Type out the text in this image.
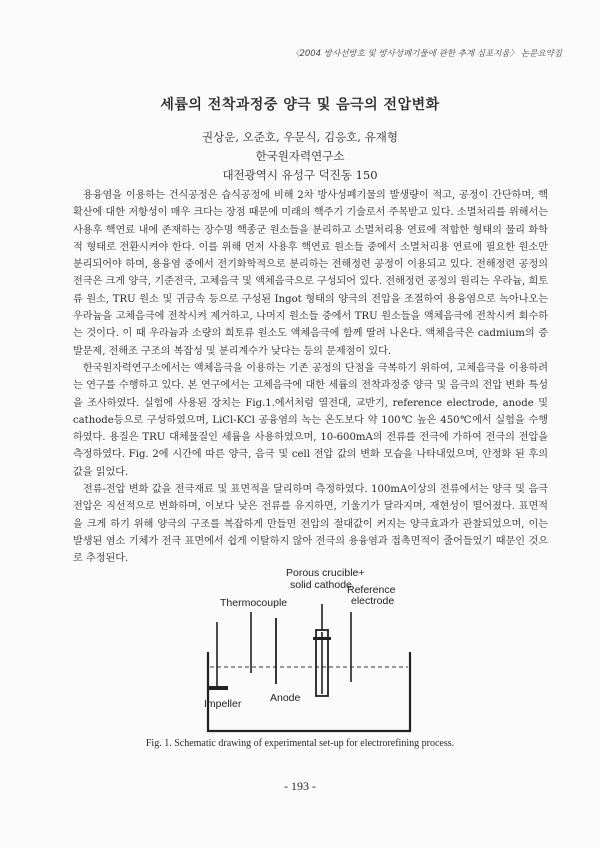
〈2004 방사선방호 및 방사성폐기물에 관한 추계 심포지움〉 논문요약집
세륨의 전착과정중 양극 및 음극의 전압변화
권상운, 오준호, 우문식, 김응호, 유재형
한국원자력연구소
대전광역시 유성구 덕진동 150

용융염을 이용하는 건식공정은 습식공정에 비해 2차 방사성폐기물의 발생량이 적고, 공정이 간단하며, 핵확산에 대한 저항성이 매우 크다는 장점 때문에 미래의 핵주기 기술로서 주목받고 있다. 소멸처리를 위해서는 사용후 핵연료 내에 존재하는 장수명 핵종군 원소들을 분리하고 소멸처리용 연료에 적합한 형태의 물리 화학적 형태로 전환시켜야 한다. 이를 위해 먼저 사용후 핵연료 원소들 중에서 소멸처리용 연료에 필요한 원소만 분리되어야 하며, 용융염 중에서 전기화학적으로 분리하는 전해정련 공정이 이용되고 있다. 전해정련 공정의 전극은 크게 양극, 기준전극, 고체음극 및 액체음극으로 구성되어 있다. 전해정련 공정의 원리는 우라늄, 희토류 원소, TRU 원소 및 귀금속 등으로 구성된 Ingot 형태의 양극의 전압을 조절하여 용융염으로 녹아나오는 우라늄을 고체음극에 전착시켜 제거하고, 나머지 원소들 중에서 TRU 원소들을 액체음극에 전착시켜 회수하는 것이다. 이 때 우라늄과 소량의 희토류 원소도 액체음극에 함께 딸려 나온다. 액체음극은 cadmium의 증발문제, 전해조 구조의 복잡성 및 분리계수가 낮다는 등의 문제점이 있다.

한국원자력연구소에서는 액체음극을 이용하는 기존 공정의 단점을 극복하기 위하여, 고체음극을 이용하려는 연구를 수행하고 있다. 본 연구에서는 고체음극에 대한 세륨의 전착과정중 양극 및 음극의 전압 변화 특성을 조사하였다. 실험에 사용된 장치는 Fig.1.에서처럼 열전대, 교반기, reference electrode, anode 및 cathode등으로 구성하였으며, LiCl-KCl 공융염의 녹는 온도보다 약 100℃ 높은 450℃에서 실험을 수행하였다. 용질은 TRU 대체물질인 세륨을 사용하였으며, 10-600mA의 전류를 전극에 가하여 전극의 전압을 측정하였다. Fig. 2에 시간에 따른 양극, 음극 및 cell 전압 값의 변화 모습을 나타내었으며, 안정화 된 후의 값을 읽었다.

전류-전압 변화 값을 전극재료 및 표면적을 달리하며 측정하였다. 100mA이상의 전류에서는 양극 및 음극 전압은 직선적으로 변화하며, 이보다 낮은 전류를 유지하면, 기울기가 달라지며, 재현성이 떨어졌다. 표면적을 크게 하기 위해 양극의 구조를 복잡하게 만들면 전압의 절대값이 커지는 양극효과가 관찰되었으며, 이는 발생된 염소 기체가 전극 표면에서 쉽게 이탈하지 않아 전극의 용융염과 접촉면적이 줄어들었기 때문인 것으로 추정된다.

Porous crucible+
solid cathode
Reference
electrode
Thermocouple
Impeller	Anode
Fig. 1. Schematic drawing of experimental set-up for electrorefining process.
- 193 -
